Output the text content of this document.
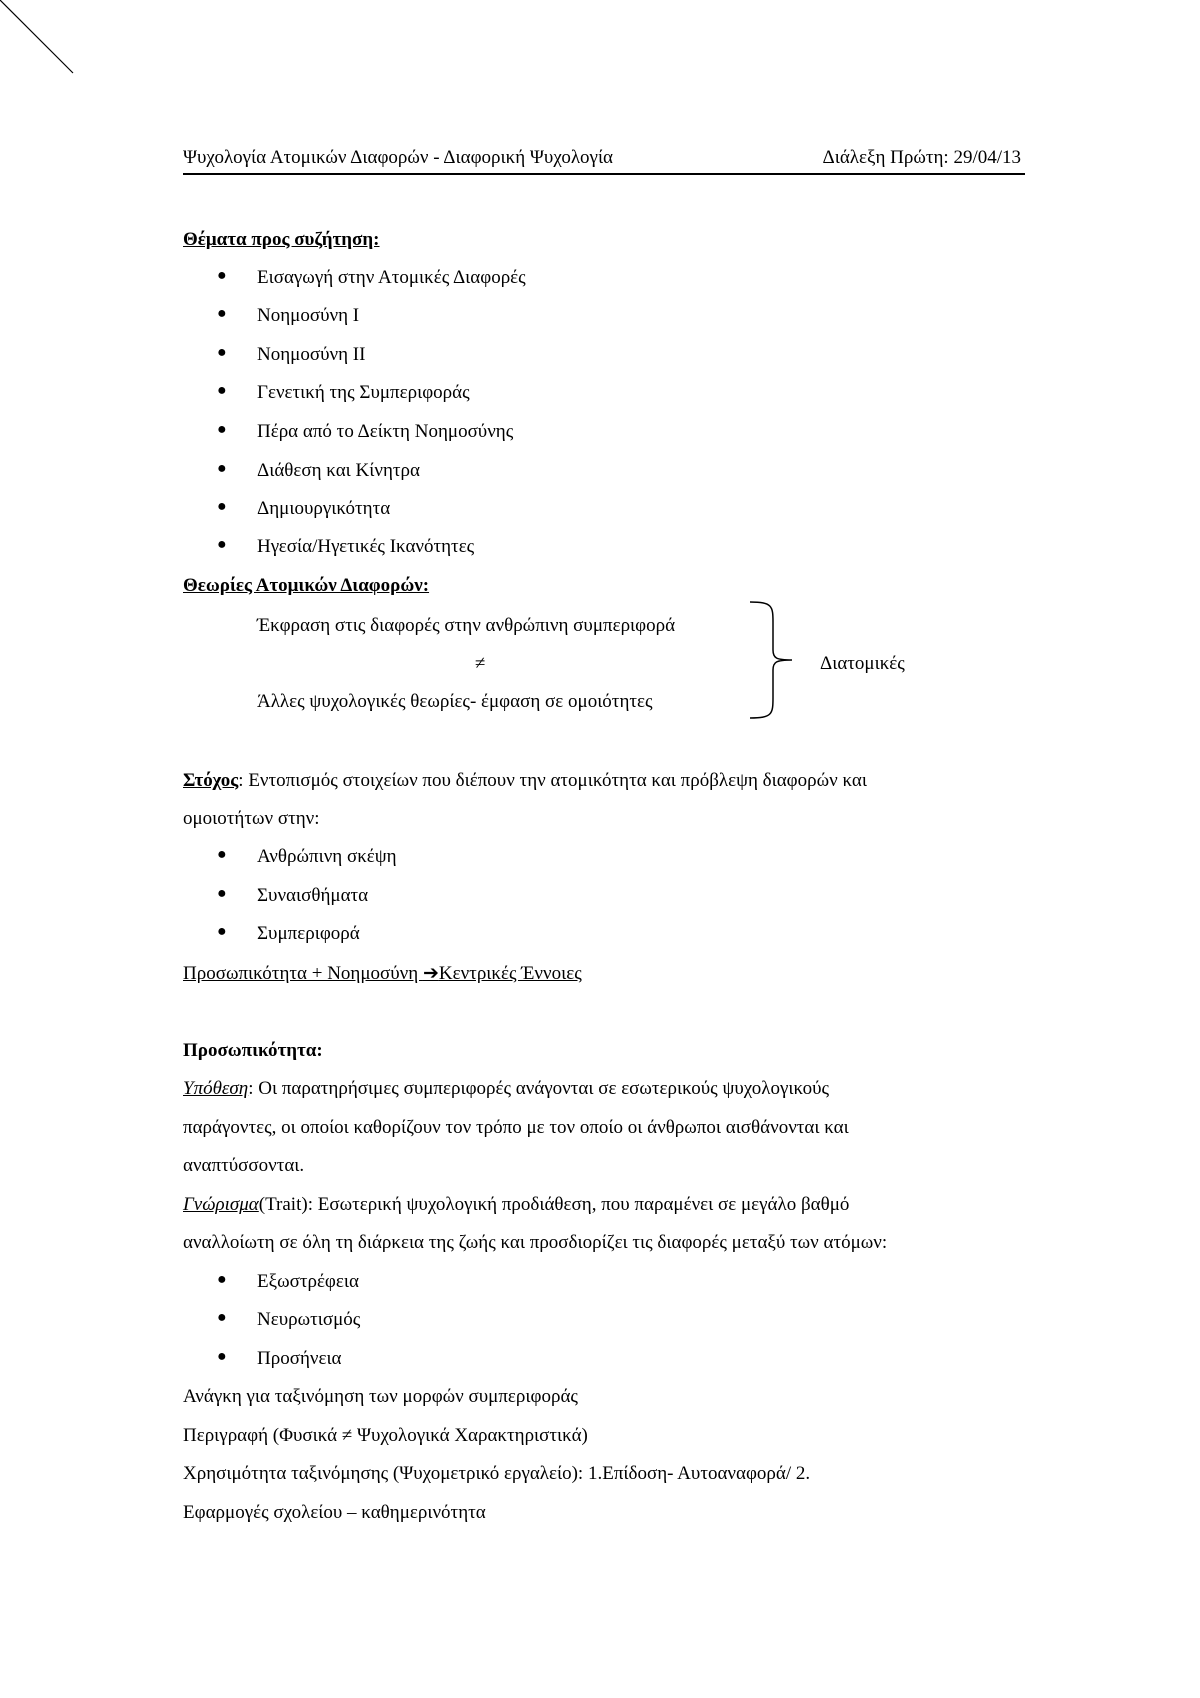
Ψυχολογία Ατομικών Διαφορών - Διαφορική Ψυχολογία	Διάλεξη Πρώτη: 29/04/13
Θέματα προς συζήτηση:
● Εισαγωγή στην Ατομικές Διαφορές
● Νοημοσύνη Ι
● Νοημοσύνη ΙΙ
● Γενετική της Συμπεριφοράς
● Πέρα από το Δείκτη Νοημοσύνης
● Διάθεση και Κίνητρα
● Δημιουργικότητα
● Ηγεσία/Ηγετικές Ικανότητες
Θεωρίες Ατομικών Διαφορών:
Έκφραση στις διαφορές στην ανθρώπινη συμπεριφορά
≠
Άλλες ψυχολογικές θεωρίες- έμφαση σε ομοιότητες
Διατομικές
Στόχος: Εντοπισμός στοιχείων που διέπουν την ατομικότητα και πρόβλεψη διαφορών και
ομοιοτήτων στην:
● Ανθρώπινη σκέψη
● Συναισθήματα
● Συμπεριφορά
Προσωπικότητα + Νοημοσύνη ➔Κεντρικές Έννοιες
Προσωπικότητα:
Υπόθεση: Οι παρατηρήσιμες συμπεριφορές ανάγονται σε εσωτερικούς ψυχολογικούς
παράγοντες, οι οποίοι καθορίζουν τον τρόπο με τον οποίο οι άνθρωποι αισθάνονται και
αναπτύσσονται.
Γνώρισμα(Trait): Εσωτερική ψυχολογική προδιάθεση, που παραμένει σε μεγάλο βαθμό
αναλλοίωτη σε όλη τη διάρκεια της ζωής και προσδιορίζει τις διαφορές μεταξύ των ατόμων:
● Εξωστρέφεια
● Νευρωτισμός
● Προσήνεια
Ανάγκη για ταξινόμηση των μορφών συμπεριφοράς
Περιγραφή (Φυσικά ≠ Ψυχολογικά Χαρακτηριστικά)
Χρησιμότητα ταξινόμησης (Ψυχομετρικό εργαλείο): 1.Επίδοση- Αυτοαναφορά/ 2.
Εφαρμογές σχολείου – καθημερινότητα
